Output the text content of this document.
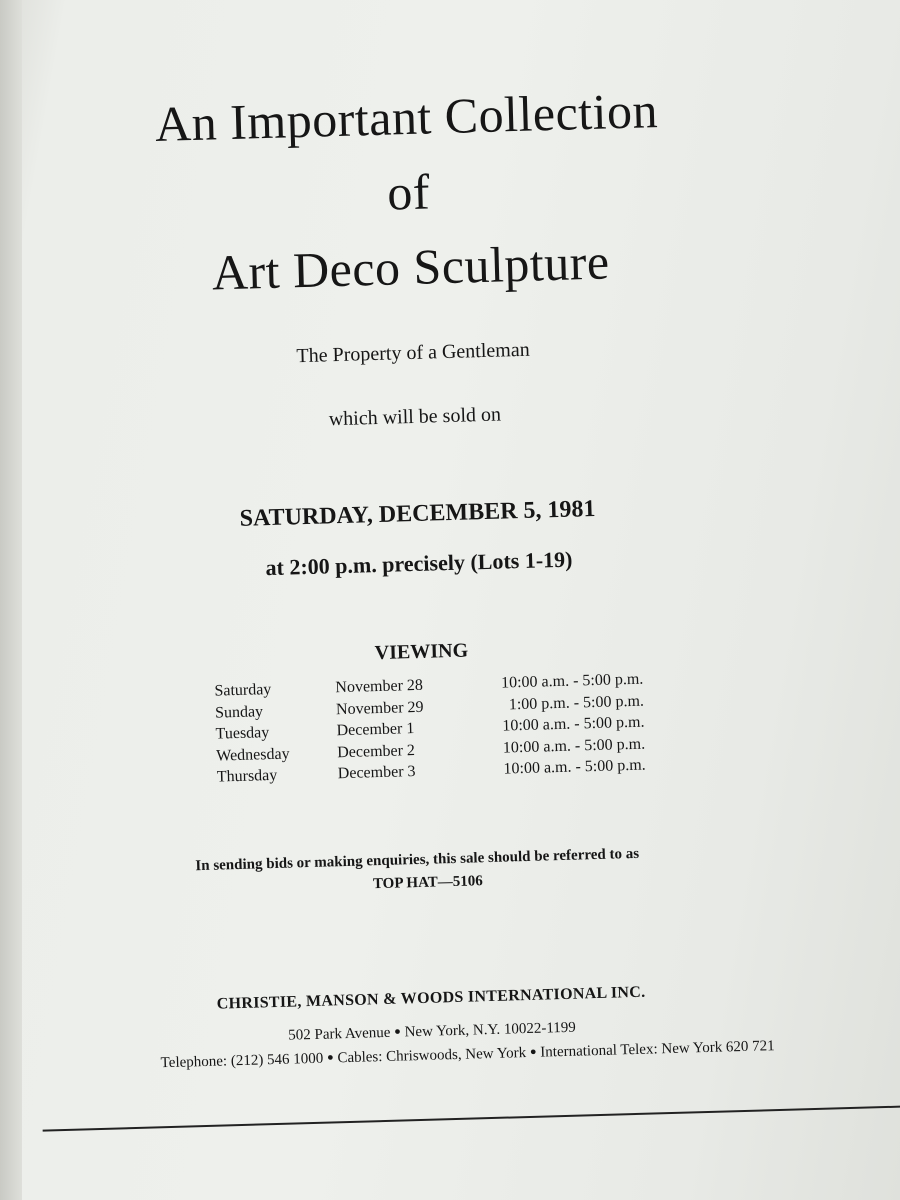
An Important Collection
of
Art Deco Sculpture
The Property of a Gentleman
which will be sold on
SATURDAY, DECEMBER 5, 1981
at 2:00 p.m. precisely (Lots 1-19)
VIEWING
Saturday	November 28	10:00 a.m. - 5:00 p.m.
Sunday	November 29	1:00 p.m. - 5:00 p.m.
Tuesday	December 1	10:00 a.m. - 5:00 p.m.
Wednesday	December 2	10:00 a.m. - 5:00 p.m.
Thursday	December 3	10:00 a.m. - 5:00 p.m.
In sending bids or making enquiries, this sale should be referred to as
TOP HAT—5106
CHRISTIE, MANSON & WOODS INTERNATIONAL INC.
502 Park Avenue ● New York, N.Y. 10022-1199
Telephone: (212) 546 1000 ● Cables: Chriswoods, New York ● International Telex: New York 620 721
